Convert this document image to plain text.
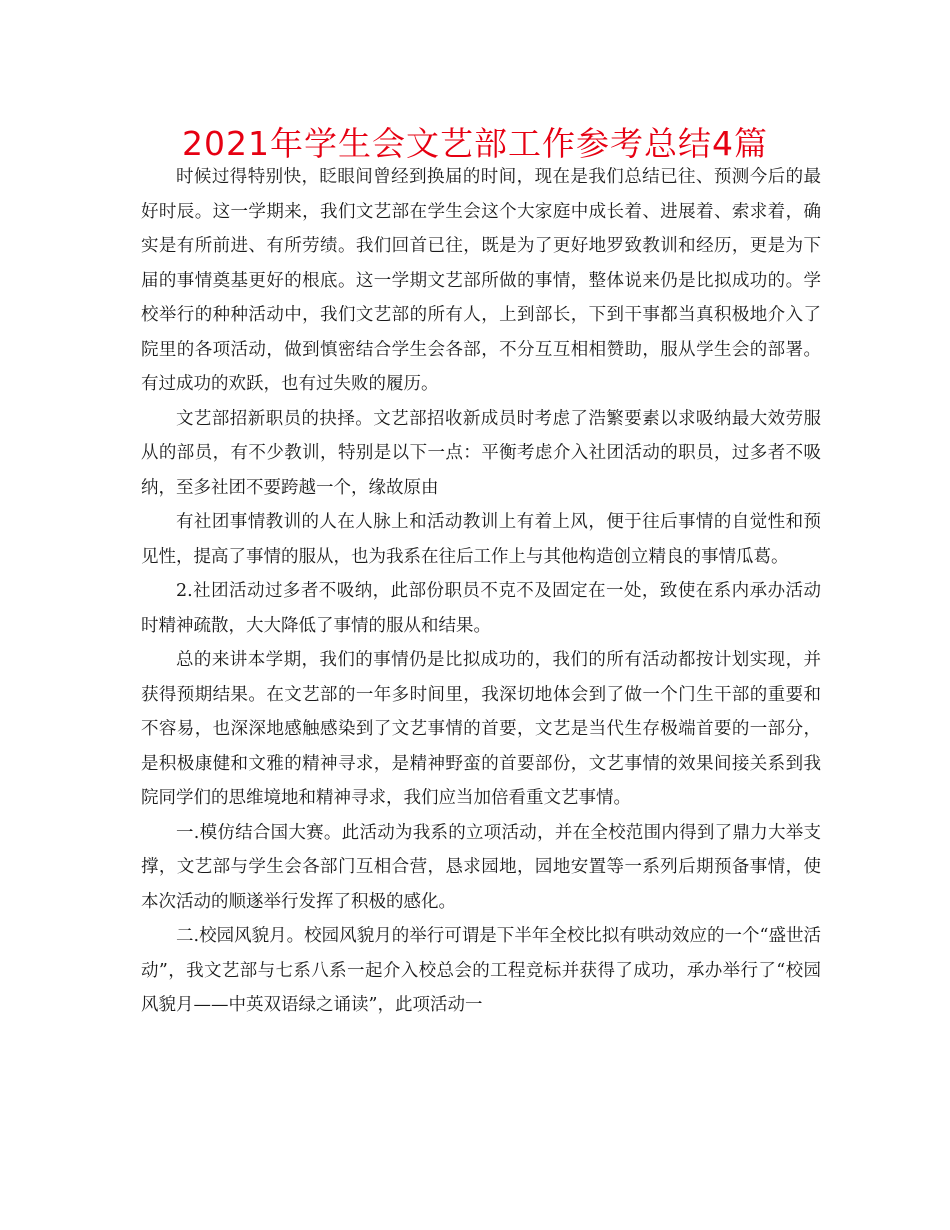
2021年学生会文艺部工作参考总结4篇

时候过得特别快，眨眼间曾经到换届的时间，现在是我们总结已往、预测今后的最好时辰。这一学期来，我们文艺部在学生会这个大家庭中成长着、进展着、索求着，确实是有所前进、有所劳绩。我们回首已往，既是为了更好地罗致教训和经历，更是为下届的事情奠基更好的根底。这一学期文艺部所做的事情，整体说来仍是比拟成功的。学校举行的种种活动中，我们文艺部的所有人，上到部长，下到干事都当真积极地介入了院里的各项活动，做到慎密结合学生会各部，不分互互相相赞助，服从学生会的部署。有过成功的欢跃，也有过失败的履历。

文艺部招新职员的抉择。文艺部招收新成员时考虑了浩繁要素以求吸纳最大效劳服从的部员，有不少教训，特别是以下一点：平衡考虑介入社团活动的职员，过多者不吸纳，至多社团不要跨越一个，缘故原由

有社团事情教训的人在人脉上和活动教训上有着上风，便于往后事情的自觉性和预见性，提高了事情的服从，也为我系在往后工作上与其他构造创立精良的事情瓜葛。

2.社团活动过多者不吸纳，此部份职员不克不及固定在一处，致使在系内承办活动时精神疏散，大大降低了事情的服从和结果。

总的来讲本学期，我们的事情仍是比拟成功的，我们的所有活动都按计划实现，并获得预期结果。在文艺部的一年多时间里，我深切地体会到了做一个门生干部的重要和不容易，也深深地感触感染到了文艺事情的首要，文艺是当代生存极端首要的一部分，是积极康健和文雅的精神寻求，是精神野蛮的首要部份，文艺事情的效果间接关系到我院同学们的思维境地和精神寻求，我们应当加倍看重文艺事情。

一.模仿结合国大赛。此活动为我系的立项活动，并在全校范围内得到了鼎力大举支撑，文艺部与学生会各部门互相合营，恳求园地，园地安置等一系列后期预备事情，使本次活动的顺遂举行发挥了积极的感化。

二.校园风貌月。校园风貌月的举行可谓是下半年全校比拟有哄动效应的一个“盛世活动”，我文艺部与七系八系一起介入校总会的工程竞标并获得了成功，承办举行了“校园风貌月——中英双语绿之诵读”，此项活动一
